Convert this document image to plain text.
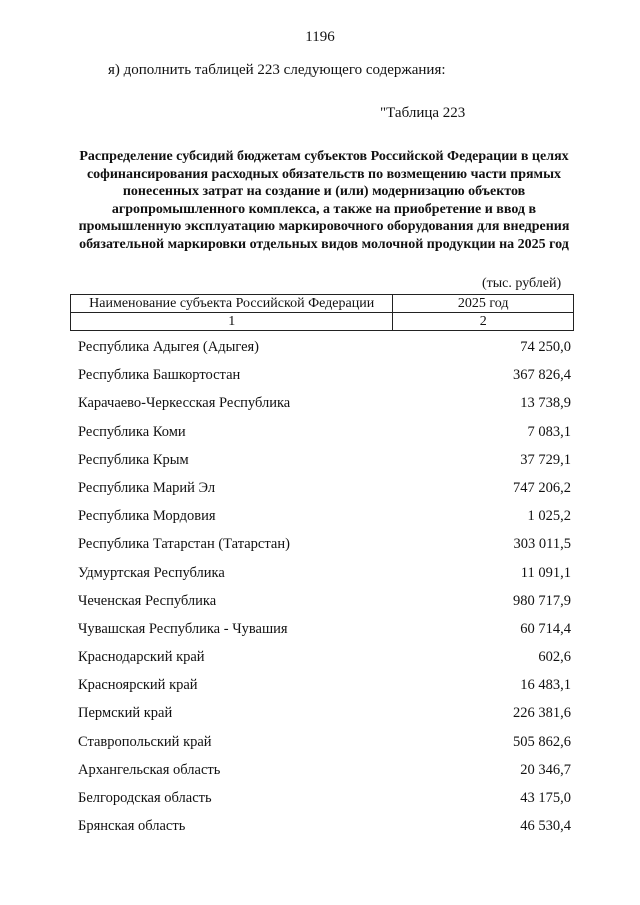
1196
я) дополнить таблицей 223 следующего содержания:
"Таблица 223
Распределение субсидий бюджетам субъектов Российской Федерации в целях софинансирования расходных обязательств по возмещению части прямых понесенных затрат на создание и (или) модернизацию объектов агропромышленного комплекса, а также на приобретение и ввод в промышленную эксплуатацию маркировочного оборудования для внедрения обязательной маркировки отдельных видов молочной продукции на 2025 год
(тыс. рублей)
Наименование субъекта Российской Федерации	2025 год
1	2
Республика Адыгея (Адыгея)	74 250,0
Республика Башкортостан	367 826,4
Карачаево-Черкесская Республика	13 738,9
Республика Коми	7 083,1
Республика Крым	37 729,1
Республика Марий Эл	747 206,2
Республика Мордовия	1 025,2
Республика Татарстан (Татарстан)	303 011,5
Удмуртская Республика	11 091,1
Чеченская Республика	980 717,9
Чувашская Республика - Чувашия	60 714,4
Краснодарский край	602,6
Красноярский край	16 483,1
Пермский край	226 381,6
Ставропольский край	505 862,6
Архангельская область	20 346,7
Белгородская область	43 175,0
Брянская область	46 530,4
